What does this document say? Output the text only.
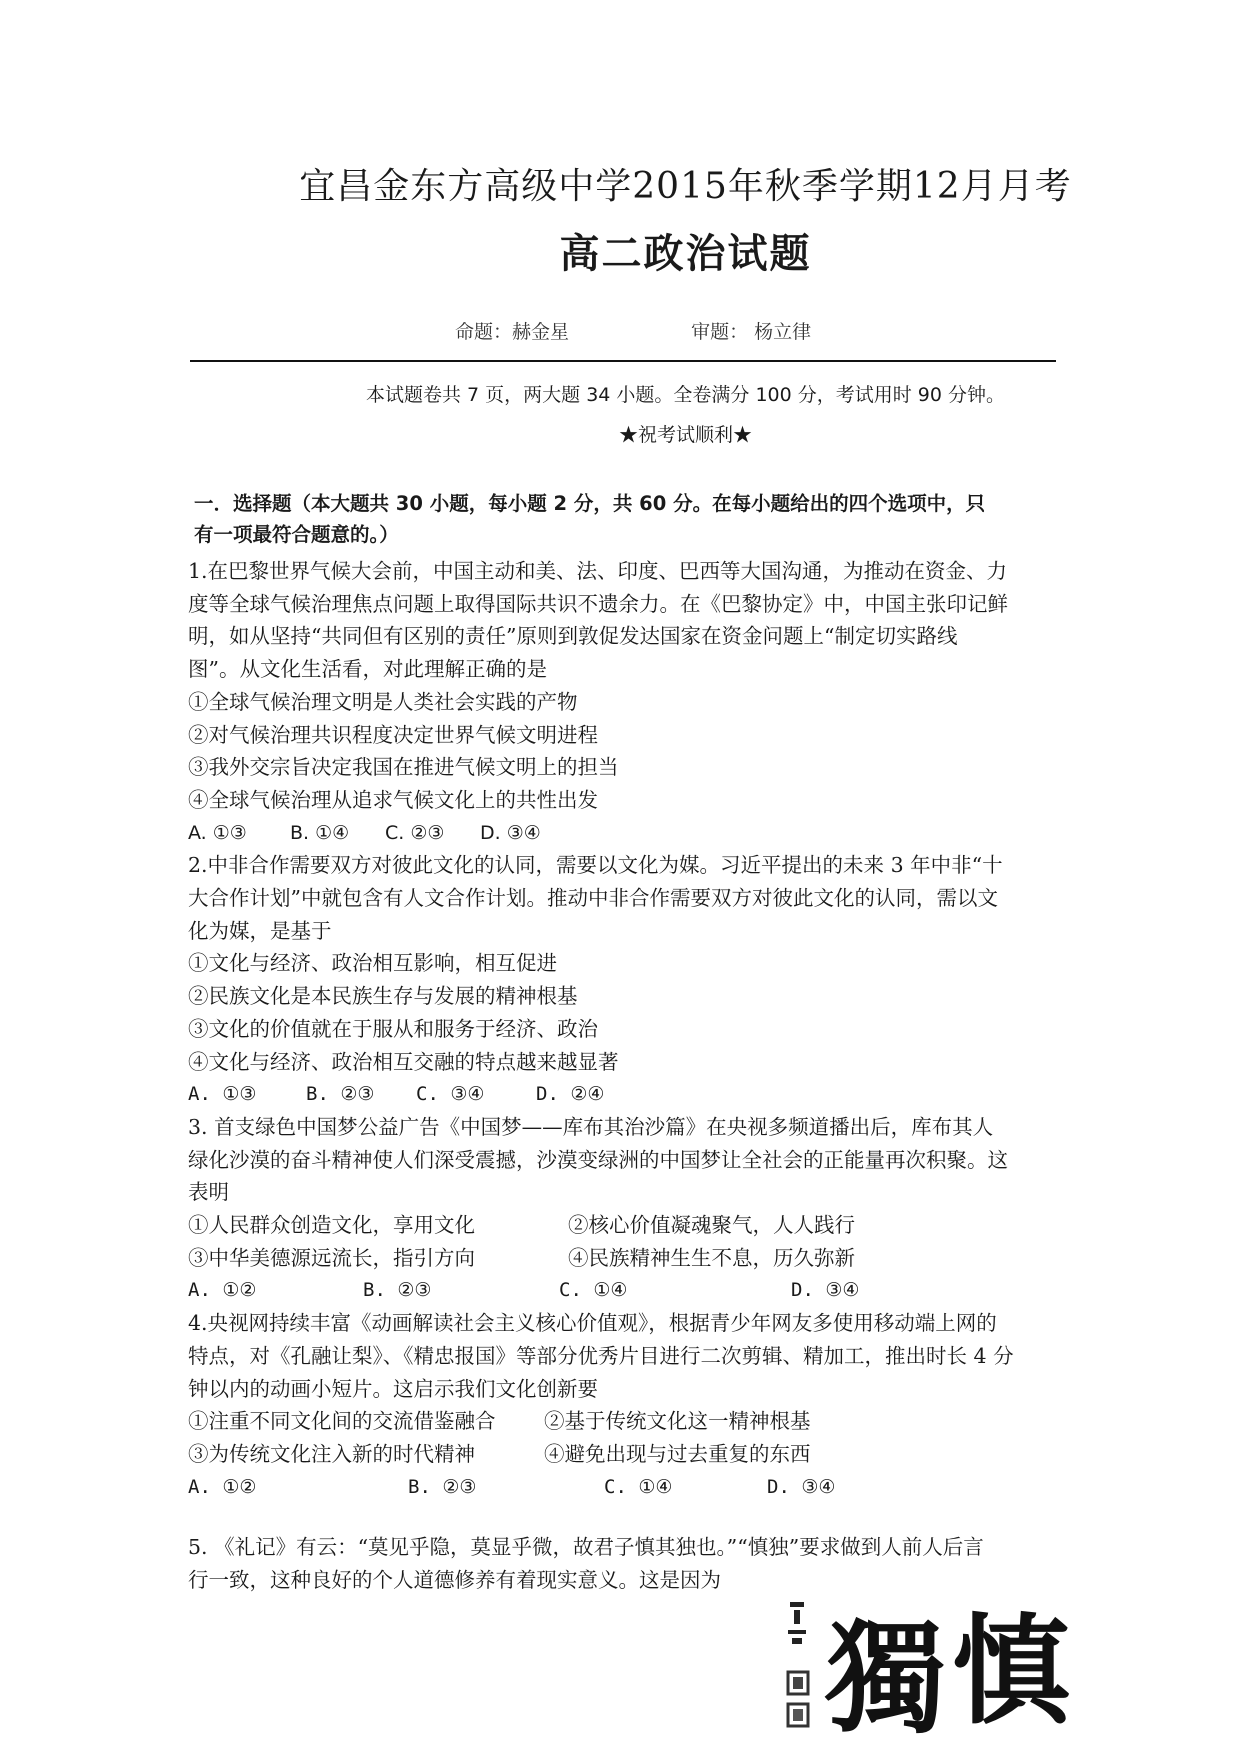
宜昌金东方高级中学2015年秋季学期12月月考
高二政治试题
命题：赫金星	审题： 杨立律
本试题卷共 7 页，两大题 34 小题。全卷满分 100 分，考试用时 90 分钟。
★祝考试顺利★
一．选择题（本大题共 30 小题，每小题 2 分，共 60 分。在每小题给出的四个选项中，只
有一项最符合题意的。）
1.在巴黎世界气候大会前，中国主动和美、法、印度、巴西等大国沟通，为推动在资金、力
度等全球气候治理焦点问题上取得国际共识不遗余力。在《巴黎协定》中，中国主张印记鲜
明，如从坚持“共同但有区别的责任”原则到敦促发达国家在资金问题上“制定切实路线
图”。从文化生活看，对此理解正确的是
①全球气候治理文明是人类社会实践的产物
②对气候治理共识程度决定世界气候文明进程
③我外交宗旨决定我国在推进气候文明上的担当
④全球气候治理从追求气候文化上的共性出发
A. ①③ B. ①④ C. ②③ D. ③④
2.中非合作需要双方对彼此文化的认同，需要以文化为媒。习近平提出的未来 3 年中非“十
大合作计划”中就包含有人文合作计划。推动中非合作需要双方对彼此文化的认同，需以文
化为媒，是基于
①文化与经济、政治相互影响，相互促进
②民族文化是本民族生存与发展的精神根基
③文化的价值就在于服从和服务于经济、政治
④文化与经济、政治相互交融的特点越来越显著
A. ①③	B. ②③ C. ③④	D. ②④
3. 首支绿色中国梦公益广告《中国梦——库布其治沙篇》在央视多频道播出后，库布其人
绿化沙漠的奋斗精神使人们深受震撼，沙漠变绿洲的中国梦让全社会的正能量再次积聚。这
表明
①人民群众创造文化，享用文化	②核心价值凝魂聚气，人人践行
③中华美德源远流长，指引方向	④民族精神生生不息，历久弥新
A. ①②	B. ②③	C. ①④	D. ③④
4.央视网持续丰富《动画解读社会主义核心价值观》，根据青少年网友多使用移动端上网的
特点，对《孔融让梨》、《精忠报国》等部分优秀片目进行二次剪辑、精加工，推出时长 4 分
钟以内的动画小短片。这启示我们文化创新要
①注重不同文化间的交流借鉴融合 ②基于传统文化这一精神根基
③为传统文化注入新的时代精神	④避免出现与过去重复的东西
A. ①②	B. ②③	C. ①④	D. ③④
5. 《礼记》有云：“莫见乎隐，莫显乎微，故君子慎其独也。”“慎独”要求做到人前人后言
行一致，这种良好的个人道德修养有着现实意义。这是因为
獨 慎
